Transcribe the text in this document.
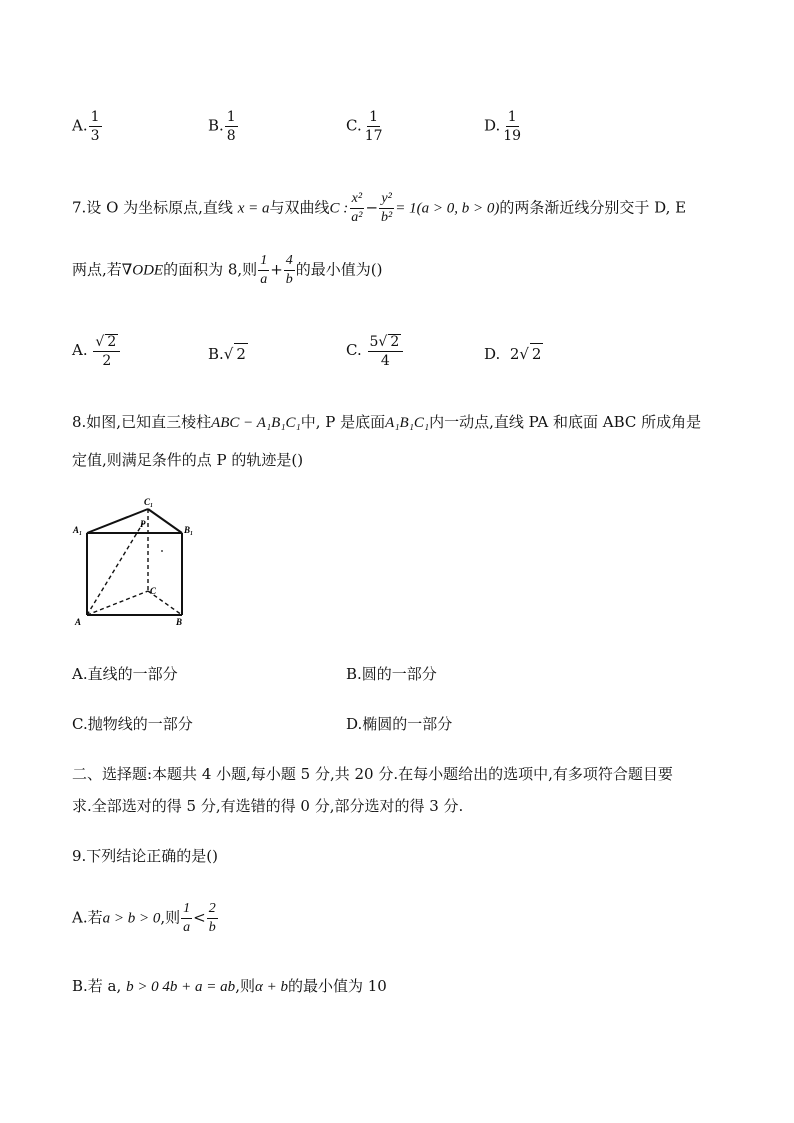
A. $\frac{1}{3}$	B. $\frac{1}{8}$	C. $\frac{1}{17}$	D. $\frac{1}{19}$
7.设 O 为坐标原点,直线 x = a与双曲线C : $\frac{\text{x²}}{\text{a²}} - \frac{\text{y²}}{\text{b²}} = 1(a > 0$, b > 0)的两条渐近线分别交于 D, E
两点,若∇ODE的面积为 8,则 $\frac{1}{a} + \frac{4}{b}$ 的最小值为()
A. $\frac{√ 2}{2}$	B.√ 2	C. $\frac{5√ 2}{4}$	D. 2√ 2
8.如图,已知直三棱柱ABC − A₁B₁C₁中, P 是底面A₁B₁C₁内一动点,直线 PA 和底面 ABC 所成角是
定值,则满足条件的点 P 的轨迹是()
A₁
C₁
B₁
P
C
A	B
A.直线的一部分	B.圆的一部分
C.抛物线的一部分	D.椭圆的一部分
二、选择题:本题共 4 小题,每小题 5 分,共 20 分.在每小题给出的选项中,有多项符合题目要
求.全部选对的得 5 分,有选错的得 0 分,部分选对的得 3 分.
9.下列结论正确的是()
A.若a > b > 0,则 $\frac{1}{a} < \frac{2}{b}$
B.若 a, b > 0 4b + a = ab,则α + b的最小值为 10
